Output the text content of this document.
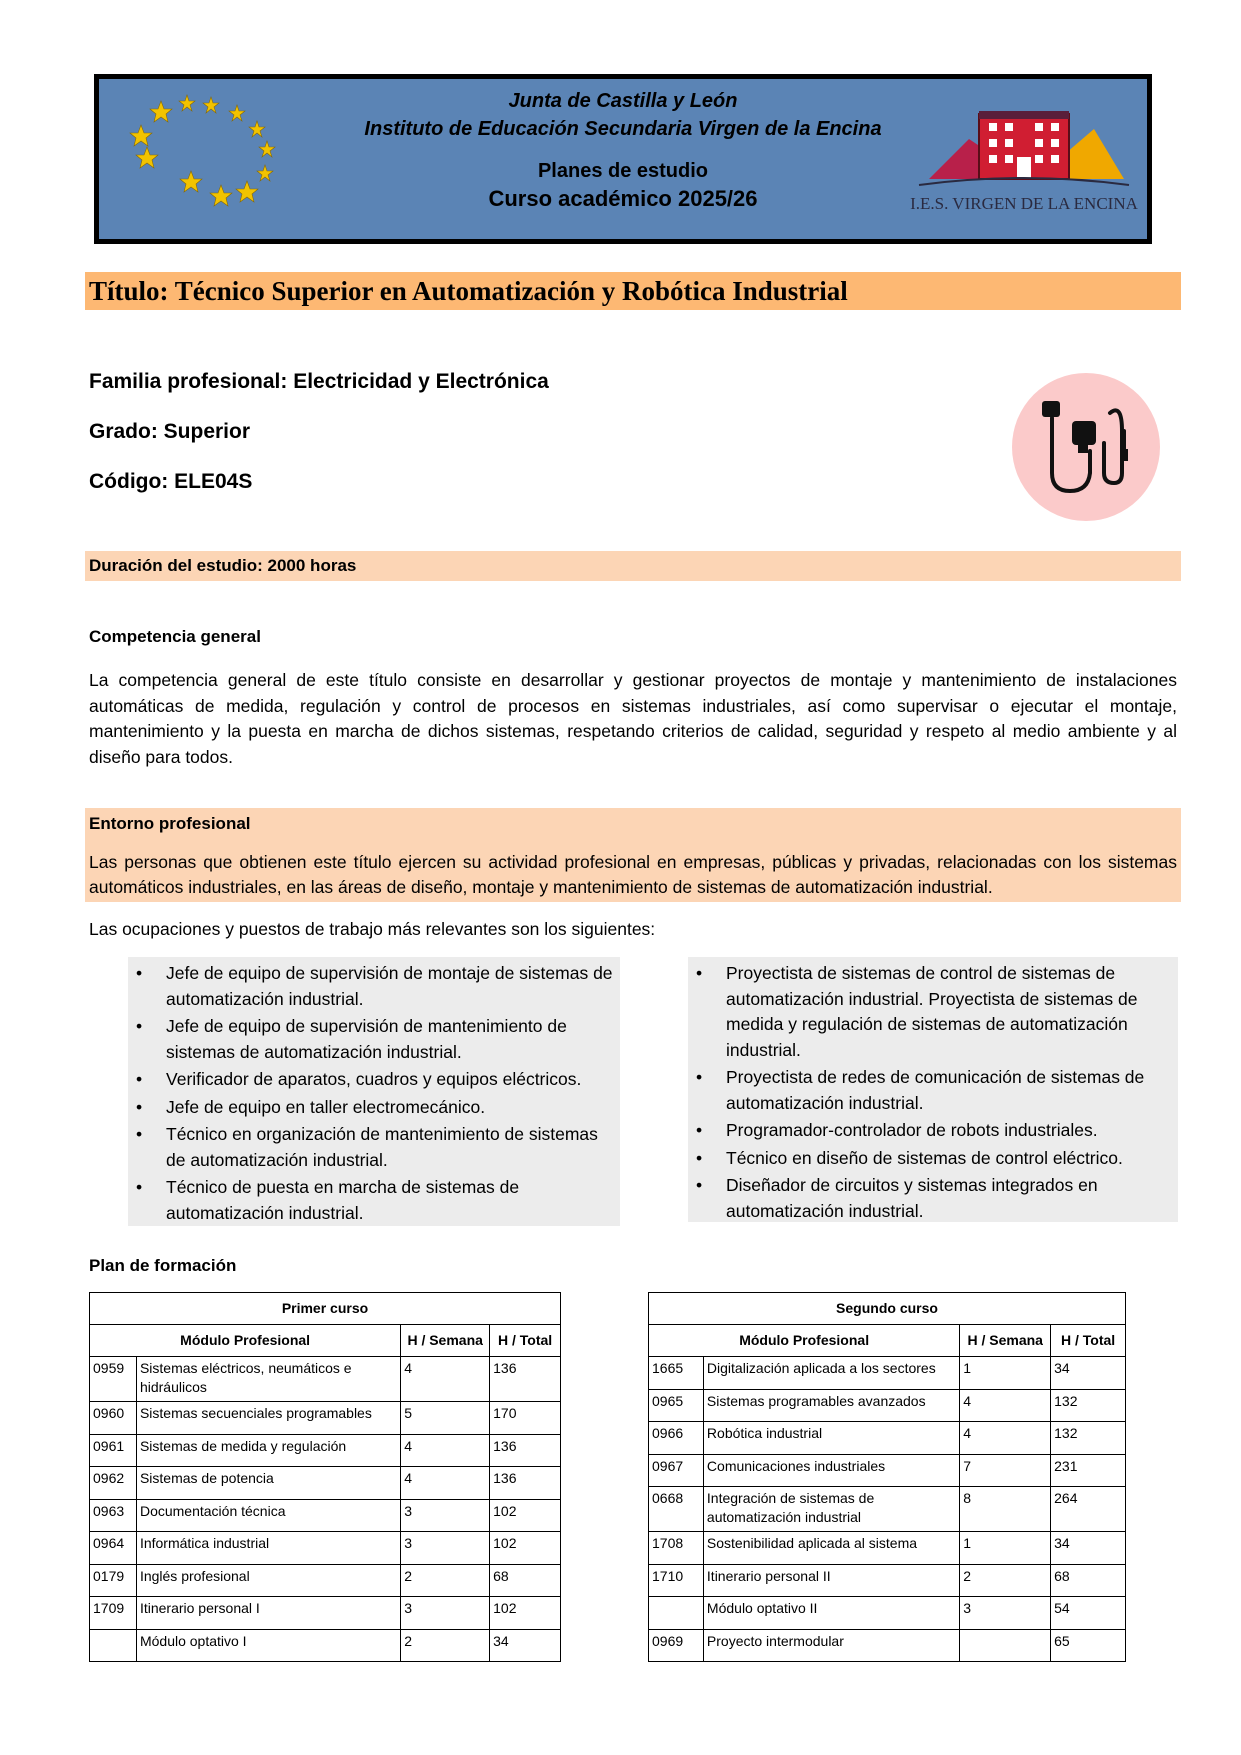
Junta de Castilla y León
Instituto de Educación Secundaria Virgen de la Encina
Planes de estudio
Curso académico 2025/26	I.E.S. VIRGEN DE LA ENCINA
Título: Técnico Superior en Automatización y Robótica Industrial
Familia profesional: Electricidad y Electrónica
Grado: Superior
Código: ELE04S
Duración del estudio: 2000 horas
Competencia general
La competencia general de este título consiste en desarrollar y gestionar proyectos de montaje y mantenimiento de instalaciones automáticas de medida, regulación y control de procesos en sistemas industriales, así como supervisar o ejecutar el montaje, mantenimiento y la puesta en marcha de dichos sistemas, respetando criterios de calidad, seguridad y respeto al medio ambiente y al diseño para todos.
Entorno profesional
Las personas que obtienen este título ejercen su actividad profesional en empresas, públicas y privadas, relacionadas con los sistemas automáticos industriales, en las áreas de diseño, montaje y mantenimiento de sistemas de automatización industrial.
Las ocupaciones y puestos de trabajo más relevantes son los siguientes:
• Jefe de equipo de supervisión de montaje de sistemas de automatización industrial.
• Jefe de equipo de supervisión de mantenimiento de sistemas de automatización industrial.
• Verificador de aparatos, cuadros y equipos eléctricos.
• Jefe de equipo en taller electromecánico.
• Técnico en organización de mantenimiento de sistemas de automatización industrial.
• Técnico de puesta en marcha de sistemas de automatización industrial.
• Proyectista de sistemas de control de sistemas de automatización industrial. Proyectista de sistemas de medida y regulación de sistemas de automatización industrial.
• Proyectista de redes de comunicación de sistemas de automatización industrial.
• Programador-controlador de robots industriales.
• Técnico en diseño de sistemas de control eléctrico.
• Diseñador de circuitos y sistemas integrados en automatización industrial.
Plan de formación
Primer curso			
Módulo Profesional		H / Semana	H / Total
0959	Sistemas eléctricos, neumáticos e hidráulicos	4	136
0960	Sistemas secuenciales programables	5	170
0961	Sistemas de medida y regulación	4	136
0962	Sistemas de potencia	4	136
0963	Documentación técnica	3	102
0964	Informática industrial	3	102
0179	Inglés profesional	2	68
1709	Itinerario personal I	3	102
	Módulo optativo I	2	34
Segundo curso			
Módulo Profesional		H / Semana	H / Total
1665	Digitalización aplicada a los sectores	1	34
0965	Sistemas programables avanzados	4	132
0966	Robótica industrial	4	132
0967	Comunicaciones industriales	7	231
0668	Integración de sistemas de automatización industrial	8	264
1708	Sostenibilidad aplicada al sistema	1	34
1710	Itinerario personal II	2	68
	Módulo optativo II	3	54
0969	Proyecto intermodular		65
